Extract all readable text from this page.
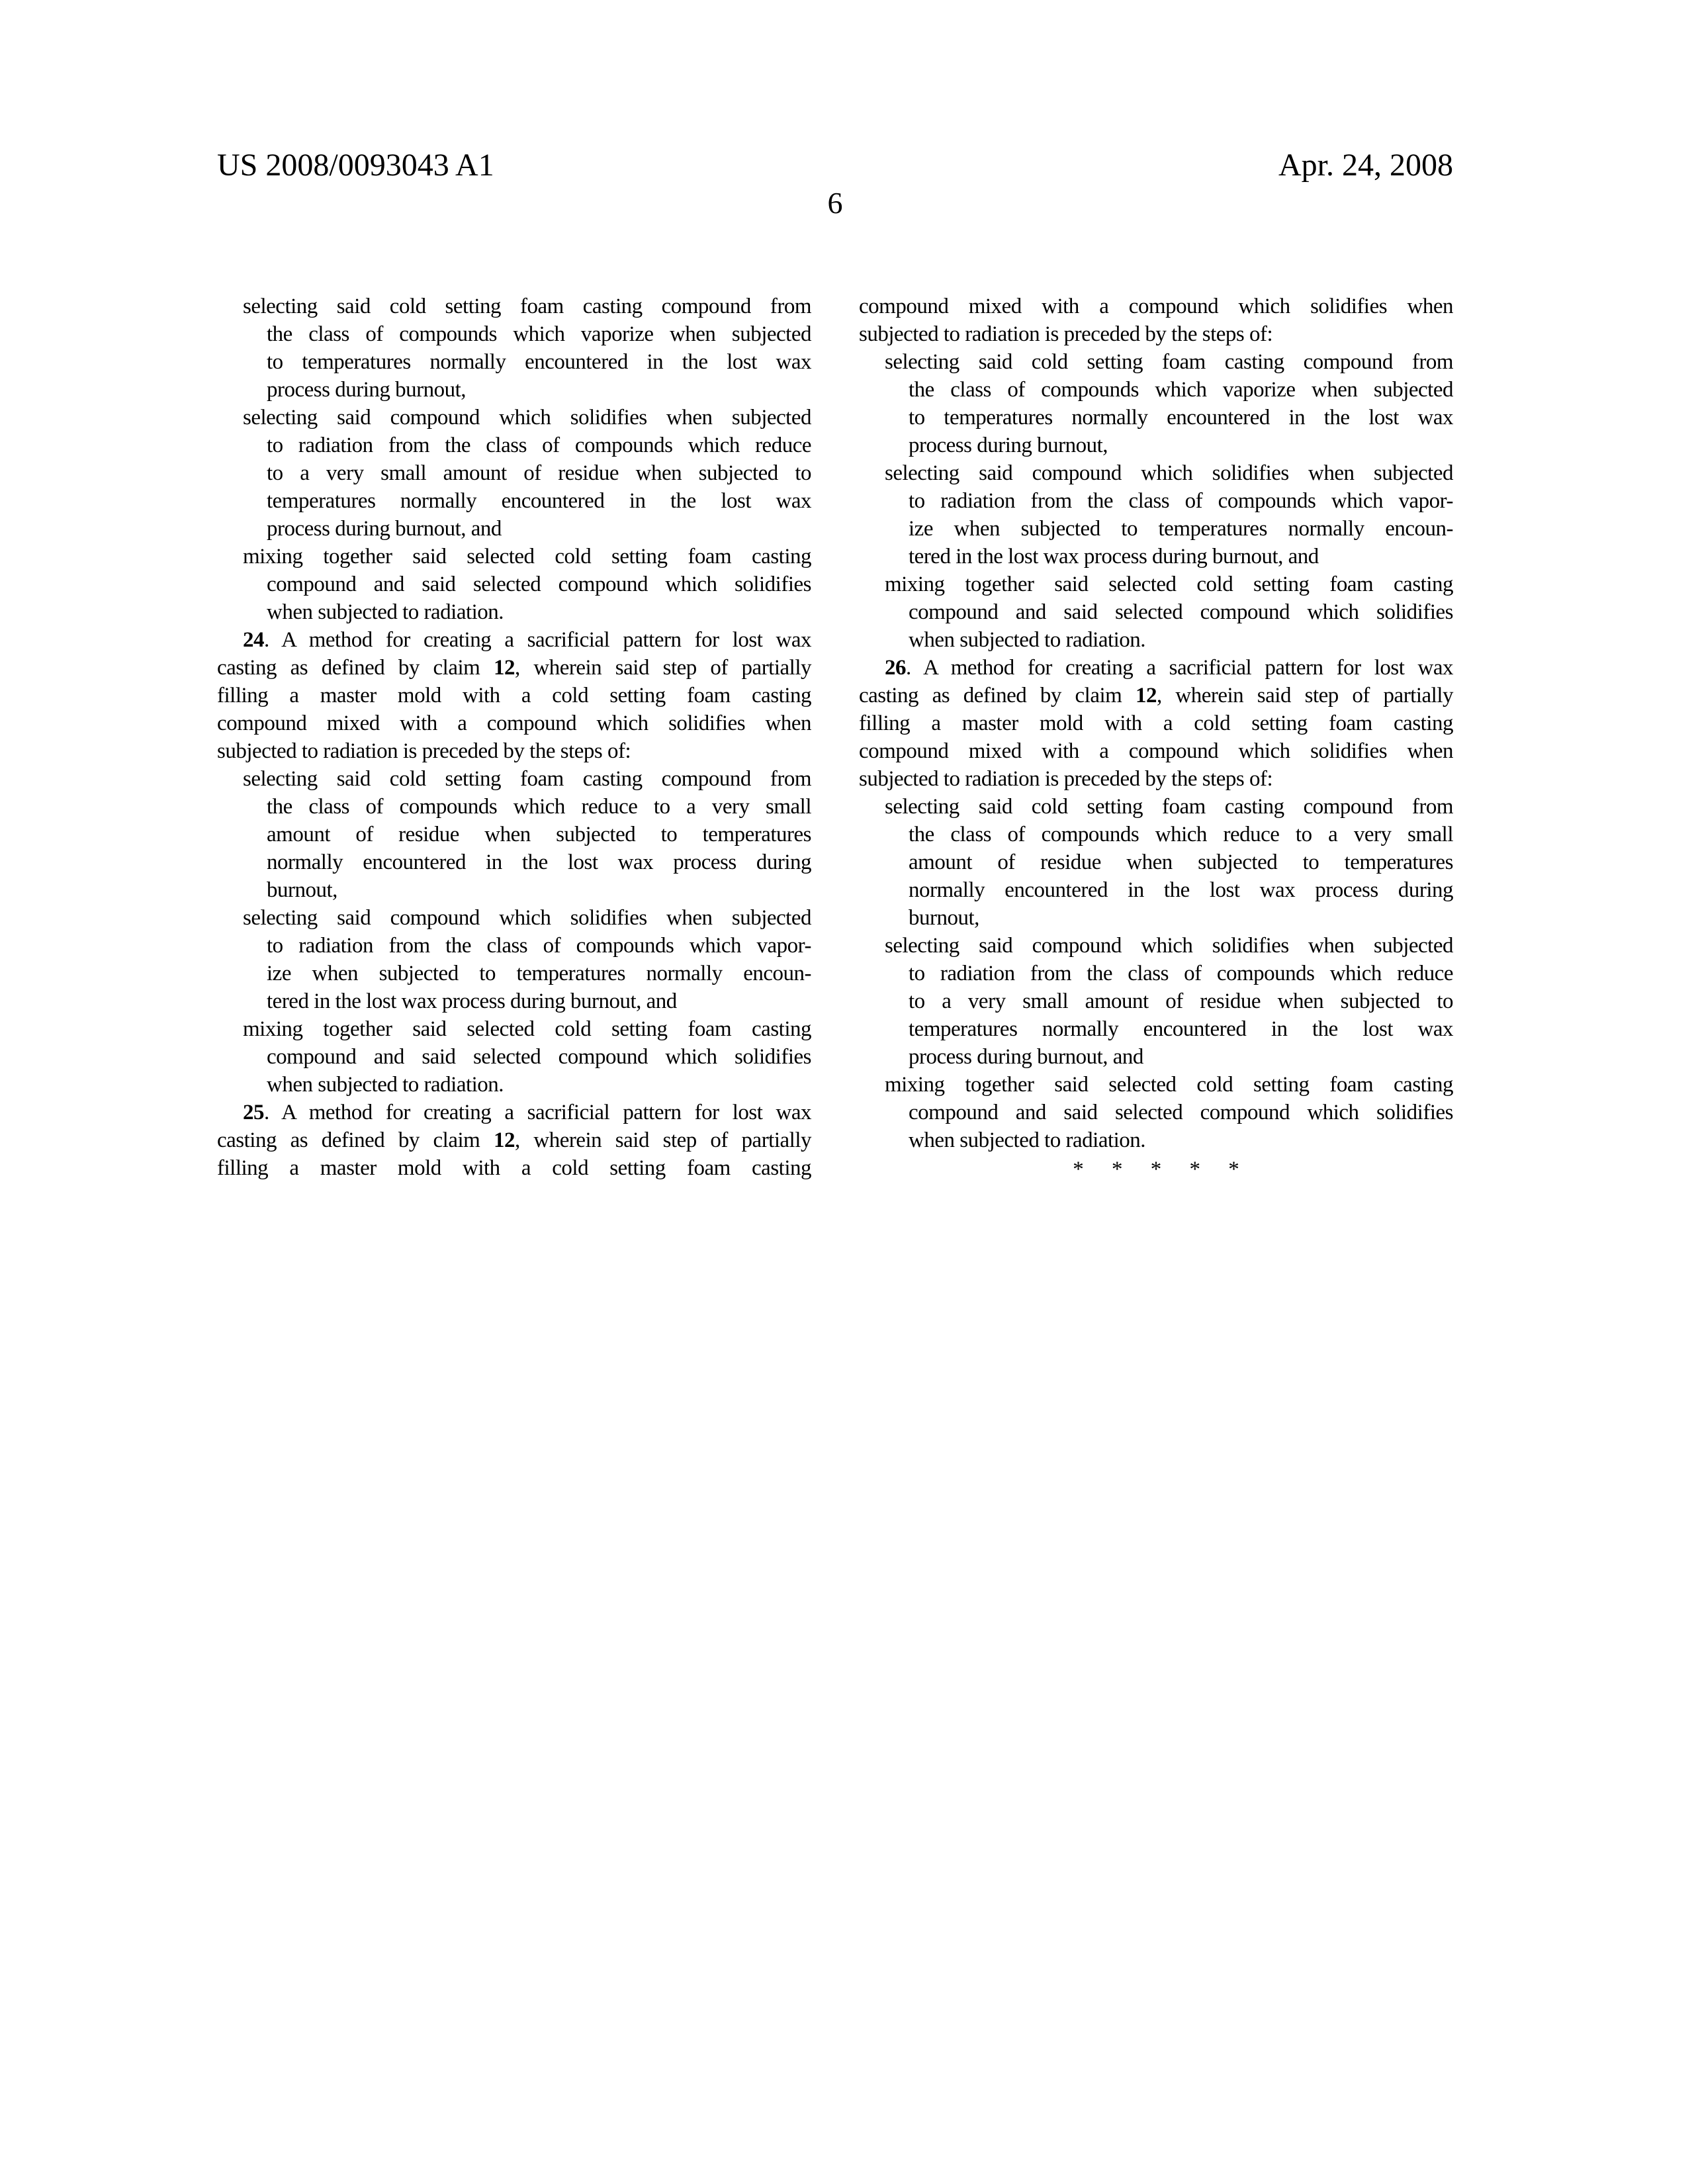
US 2008/0093043 A1	Apr. 24, 2008
6
selecting said cold setting foam casting compound from
the class of compounds which vaporize when subjected
to temperatures normally encountered in the lost wax
process during burnout,
selecting said compound which solidifies when subjected
to radiation from the class of compounds which reduce
to a very small amount of residue when subjected to
temperatures normally encountered in the lost wax
process during burnout, and
mixing together said selected cold setting foam casting
compound and said selected compound which solidifies
when subjected to radiation.
24. A method for creating a sacrificial pattern for lost wax
casting as defined by claim 12, wherein said step of partially
filling a master mold with a cold setting foam casting
compound mixed with a compound which solidifies when
subjected to radiation is preceded by the steps of:
selecting said cold setting foam casting compound from
the class of compounds which reduce to a very small
amount of residue when subjected to temperatures
normally encountered in the lost wax process during
burnout,
selecting said compound which solidifies when subjected
to radiation from the class of compounds which vapor-
ize when subjected to temperatures normally encoun-
tered in the lost wax process during burnout, and
mixing together said selected cold setting foam casting
compound and said selected compound which solidifies
when subjected to radiation.
25. A method for creating a sacrificial pattern for lost wax
casting as defined by claim 12, wherein said step of partially
filling a master mold with a cold setting foam casting
compound mixed with a compound which solidifies when
subjected to radiation is preceded by the steps of:
selecting said cold setting foam casting compound from
the class of compounds which vaporize when subjected
to temperatures normally encountered in the lost wax
process during burnout,
selecting said compound which solidifies when subjected
to radiation from the class of compounds which vapor-
ize when subjected to temperatures normally encoun-
tered in the lost wax process during burnout, and
mixing together said selected cold setting foam casting
compound and said selected compound which solidifies
when subjected to radiation.
26. A method for creating a sacrificial pattern for lost wax
casting as defined by claim 12, wherein said step of partially
filling a master mold with a cold setting foam casting
compound mixed with a compound which solidifies when
subjected to radiation is preceded by the steps of:
selecting said cold setting foam casting compound from
the class of compounds which reduce to a very small
amount of residue when subjected to temperatures
normally encountered in the lost wax process during
burnout,
selecting said compound which solidifies when subjected
to radiation from the class of compounds which reduce
to a very small amount of residue when subjected to
temperatures normally encountered in the lost wax
process during burnout, and
mixing together said selected cold setting foam casting
compound and said selected compound which solidifies
when subjected to radiation.
* * * * *
